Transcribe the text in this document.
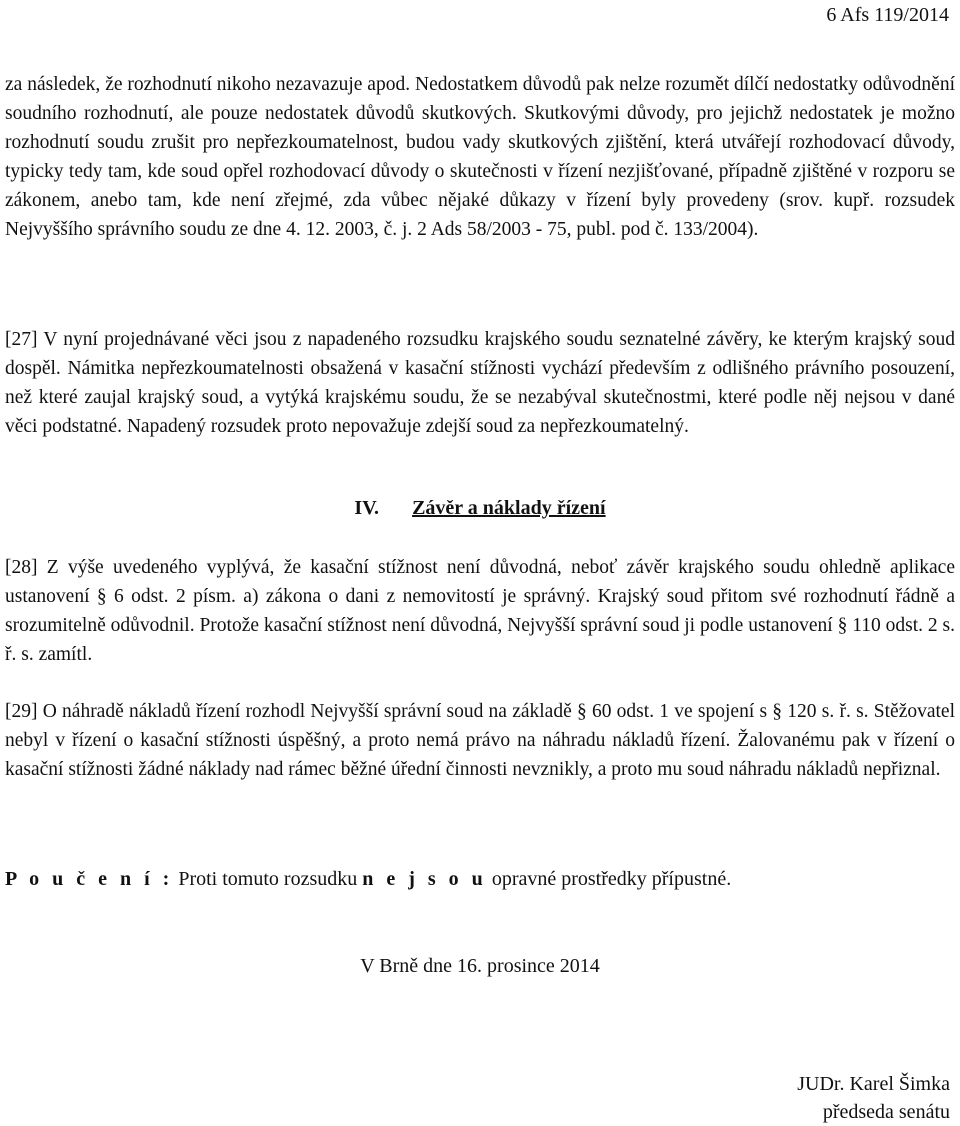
6 Afs 119/2014

za následek, že rozhodnutí nikoho nezavazuje apod. Nedostatkem důvodů pak nelze rozumět dílčí nedostatky odůvodnění soudního rozhodnutí, ale pouze nedostatek důvodů skutkových. Skutkovými důvody, pro jejichž nedostatek je možno rozhodnutí soudu zrušit pro nepřezkoumatelnost, budou vady skutkových zjištění, která utvářejí rozhodovací důvody, typicky tedy tam, kde soud opřel rozhodovací důvody o skutečnosti v řízení nezjišťované, případně zjištěné v rozporu se zákonem, anebo tam, kde není zřejmé, zda vůbec nějaké důkazy v řízení byly provedeny (srov. kupř. rozsudek Nejvyššího správního soudu ze dne 4. 12. 2003, č. j. 2 Ads 58/2003 - 75, publ. pod č. 133/2004).

[27] V nyní projednávané věci jsou z napadeného rozsudku krajského soudu seznatelné závěry, ke kterým krajský soud dospěl. Námitka nepřezkoumatelnosti obsažená v kasační stížnosti vychází především z odlišného právního posouzení, než které zaujal krajský soud, a vytýká krajskému soudu, že se nezabýval skutečnostmi, které podle něj nejsou v dané věci podstatné. Napadený rozsudek proto nepovažuje zdejší soud za nepřezkoumatelný.

IV. Závěr a náklady řízení

[28] Z výše uvedeného vyplývá, že kasační stížnost není důvodná, neboť závěr krajského soudu ohledně aplikace ustanovení § 6 odst. 2 písm. a) zákona o dani z nemovitostí je správný. Krajský soud přitom své rozhodnutí řádně a srozumitelně odůvodnil. Protože kasační stížnost není důvodná, Nejvyšší správní soud ji podle ustanovení § 110 odst. 2 s. ř. s. zamítl.

[29] O náhradě nákladů řízení rozhodl Nejvyšší správní soud na základě § 60 odst. 1 ve spojení s § 120 s. ř. s. Stěžovatel nebyl v řízení o kasační stížnosti úspěšný, a proto nemá právo na náhradu nákladů řízení. Žalovanému pak v řízení o kasační stížnosti žádné náklady nad rámec běžné úřední činnosti nevznikly, a proto mu soud náhradu nákladů nepřiznal.

P o u č e n í : Proti tomuto rozsudku n e j s o u opravné prostředky přípustné.
V Brně dne 16. prosince 2014
JUDr. Karel Šimka
předseda senátu
